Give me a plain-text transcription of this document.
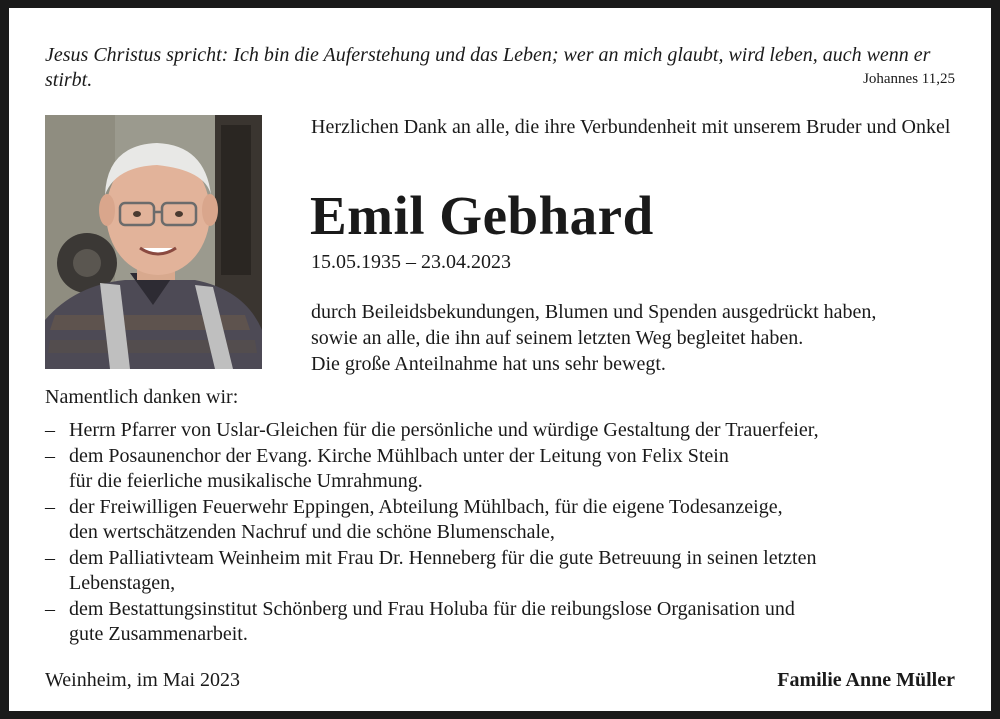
Jesus Christus spricht: Ich bin die Auferstehung und das Leben; wer an mich glaubt, wird leben, auch wenn er stirbt.	Johannes 11,25
Herzlichen Dank an alle, die ihre Verbundenheit mit unserem Bruder und Onkel
Emil Gebhard
15.05.1935 – 23.04.2023
durch Beileidsbekundungen, Blumen und Spenden ausgedrückt haben,
sowie an alle, die ihn auf seinem letzten Weg begleitet haben.
Die große Anteilnahme hat uns sehr bewegt.
Namentlich danken wir:
– Herrn Pfarrer von Uslar-Gleichen für die persönliche und würdige Gestaltung der Trauerfeier,
– dem Posaunenchor der Evang. Kirche Mühlbach unter der Leitung von Felix Stein
für die feierliche musikalische Umrahmung.
– der Freiwilligen Feuerwehr Eppingen, Abteilung Mühlbach, für die eigene Todesanzeige,
den wertschätzenden Nachruf und die schöne Blumenschale,
– dem Palliativteam Weinheim mit Frau Dr. Henneberg für die gute Betreuung in seinen letzten
Lebenstagen,
– dem Bestattungsinstitut Schönberg und Frau Holuba für die reibungslose Organisation und
gute Zusammenarbeit.
Weinheim, im Mai 2023	Familie Anne Müller
